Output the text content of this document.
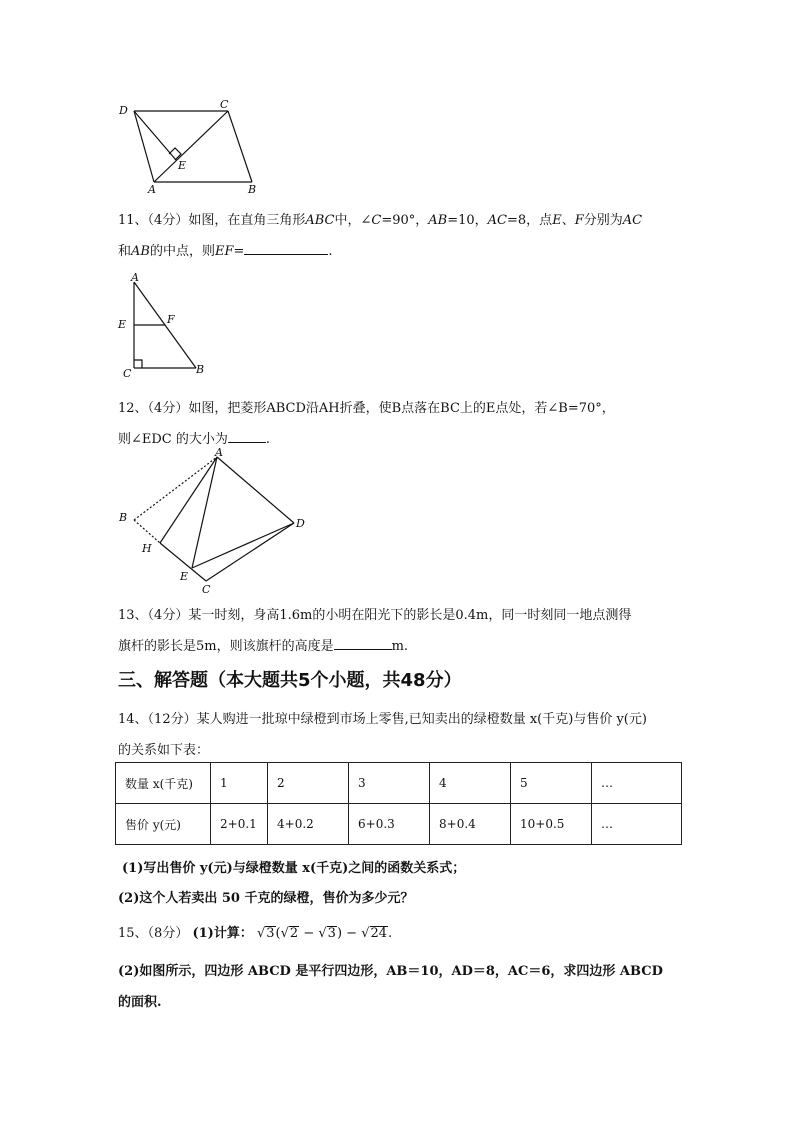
D	C
E
A	B
11、（4分）如图，在直角三角形ABC中，∠C=90°，AB=10，AC=8，点E、F分别为AC
和AB的中点，则EF=	.
A
E	F
C	B
12、（4分）如图，把菱形ABCD沿AH折叠，使B点落在BC上的E点处，若∠B=70°，
则∠EDC 的大小为	.
A
B	D
H
E
C
13、（4分）某一时刻，身高1.6m的小明在阳光下的影长是0.4m，同一时刻同一地点测得
旗杆的影长是5m，则该旗杆的高度是	m.
三、解答题（本大题共5个小题，共48分）
14、（12分）某人购进一批琼中绿橙到市场上零售,已知卖出的绿橙数量 x(千克)与售价 y(元)
的关系如下表：
数量 x(千克)	1	2	3	4	5	…
售价 y(元)	2+0.1	4+0.2	6+0.3	8+0.4	10+0.5	…
(1)写出售价 y(元)与绿橙数量 x(千克)之间的函数关系式；
(2)这个人若卖出 50 千克的绿橙，售价为多少元？
15、（8分） (1)计算： √3(√2 − √3) − √24.
(2)如图所示，四边形 ABCD 是平行四边形，AB＝10，AD＝8，AC＝6，求四边形 ABCD
的面积.
